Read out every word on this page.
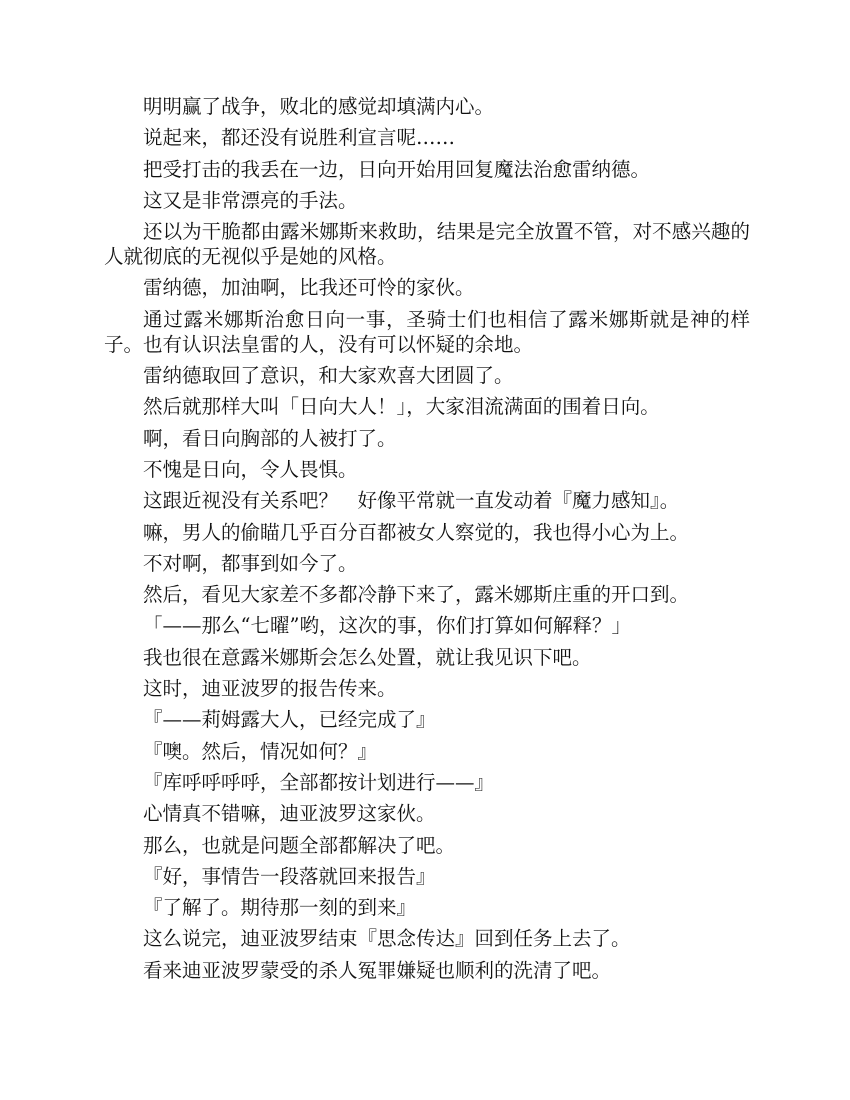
明明赢了战争，败北的感觉却填满内心。

说起来，都还没有说胜利宣言呢……

把受打击的我丢在一边，日向开始用回复魔法治愈雷纳德。

这又是非常漂亮的手法。

还以为干脆都由露米娜斯来救助，结果是完全放置不管，对不感兴趣的人就彻底的无视似乎是她的风格。

雷纳德，加油啊，比我还可怜的家伙。

通过露米娜斯治愈日向一事，圣骑士们也相信了露米娜斯就是神的样子。也有认识法皇雷的人，没有可以怀疑的余地。

雷纳德取回了意识，和大家欢喜大团圆了。

然后就那样大叫「日向大人！」，大家泪流满面的围着日向。

啊，看日向胸部的人被打了。

不愧是日向，令人畏惧。

这跟近视没有关系吧？　好像平常就一直发动着『魔力感知』。

嘛，男人的偷瞄几乎百分百都被女人察觉的，我也得小心为上。

不对啊，都事到如今了。

然后，看见大家差不多都冷静下来了，露米娜斯庄重的开口到。

「——那么“七曜”哟，这次的事，你们打算如何解释？」

我也很在意露米娜斯会怎么处置，就让我见识下吧。

这时，迪亚波罗的报告传来。

『——莉姆露大人，已经完成了』

『噢。然后，情况如何？』

『库呼呼呼呼，全部都按计划进行——』

心情真不错嘛，迪亚波罗这家伙。

那么，也就是问题全部都解决了吧。

『好，事情告一段落就回来报告』

『了解了。期待那一刻的到来』

这么说完，迪亚波罗结束『思念传达』回到任务上去了。

看来迪亚波罗蒙受的杀人冤罪嫌疑也顺利的洗清了吧。
